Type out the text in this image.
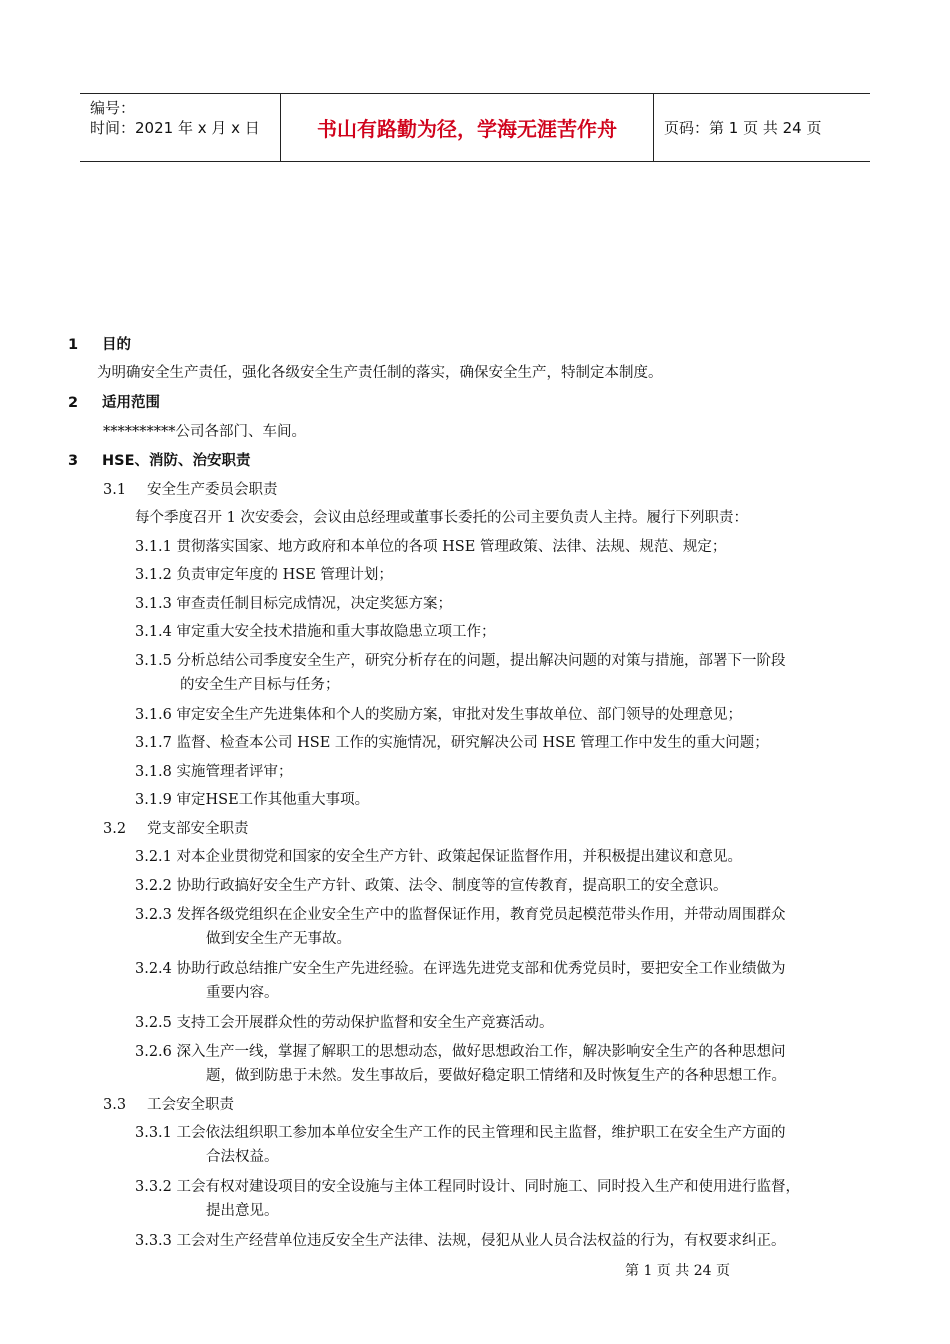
编号：
时间：2021 年 x 月 x 日	书山有路勤为径，学海无涯苦作舟	页码：第 1 页 共 24 页
1 目的
为明确安全生产责任，强化各级安全生产责任制的落实，确保安全生产，特制定本制度。
2 适用范围
**********公司各部门、车间。
3 HSE、消防、治安职责
3.1 安全生产委员会职责
每个季度召开 1 次安委会，会议由总经理或董事长委托的公司主要负责人主持。履行下列职责：
3.1.1 贯彻落实国家、地方政府和本单位的各项 HSE 管理政策、法律、法规、规范、规定；
3.1.2 负责审定年度的 HSE 管理计划；
3.1.3 审查责任制目标完成情况，决定奖惩方案；
3.1.4 审定重大安全技术措施和重大事故隐患立项工作；
3.1.5 分析总结公司季度安全生产，研究分析存在的问题，提出解决问题的对策与措施，部署下一阶段
的安全生产目标与任务；
3.1.6 审定安全生产先进集体和个人的奖励方案，审批对发生事故单位、部门领导的处理意见；
3.1.7 监督、检查本公司 HSE 工作的实施情况，研究解决公司 HSE 管理工作中发生的重大问题；
3.1.8 实施管理者评审；
3.1.9 审定HSE工作其他重大事项。
3.2 党支部安全职责
3.2.1 对本企业贯彻党和国家的安全生产方针、政策起保证监督作用，并积极提出建议和意见。
3.2.2 协助行政搞好安全生产方针、政策、法令、制度等的宣传教育，提高职工的安全意识。
3.2.3 发挥各级党组织在企业安全生产中的监督保证作用，教育党员起模范带头作用，并带动周围群众
做到安全生产无事故。
3.2.4 协助行政总结推广安全生产先进经验。在评选先进党支部和优秀党员时，要把安全工作业绩做为
重要内容。
3.2.5 支持工会开展群众性的劳动保护监督和安全生产竞赛活动。
3.2.6 深入生产一线，掌握了解职工的思想动态，做好思想政治工作，解决影响安全生产的各种思想问
题，做到防患于未然。发生事故后，要做好稳定职工情绪和及时恢复生产的各种思想工作。
3.3 工会安全职责
3.3.1 工会依法组织职工参加本单位安全生产工作的民主管理和民主监督，维护职工在安全生产方面的
合法权益。
3.3.2 工会有权对建设项目的安全设施与主体工程同时设计、同时施工、同时投入生产和使用进行监督，
提出意见。
3.3.3 工会对生产经营单位违反安全生产法律、法规，侵犯从业人员合法权益的行为，有权要求纠正。
第 1 页 共 24 页
